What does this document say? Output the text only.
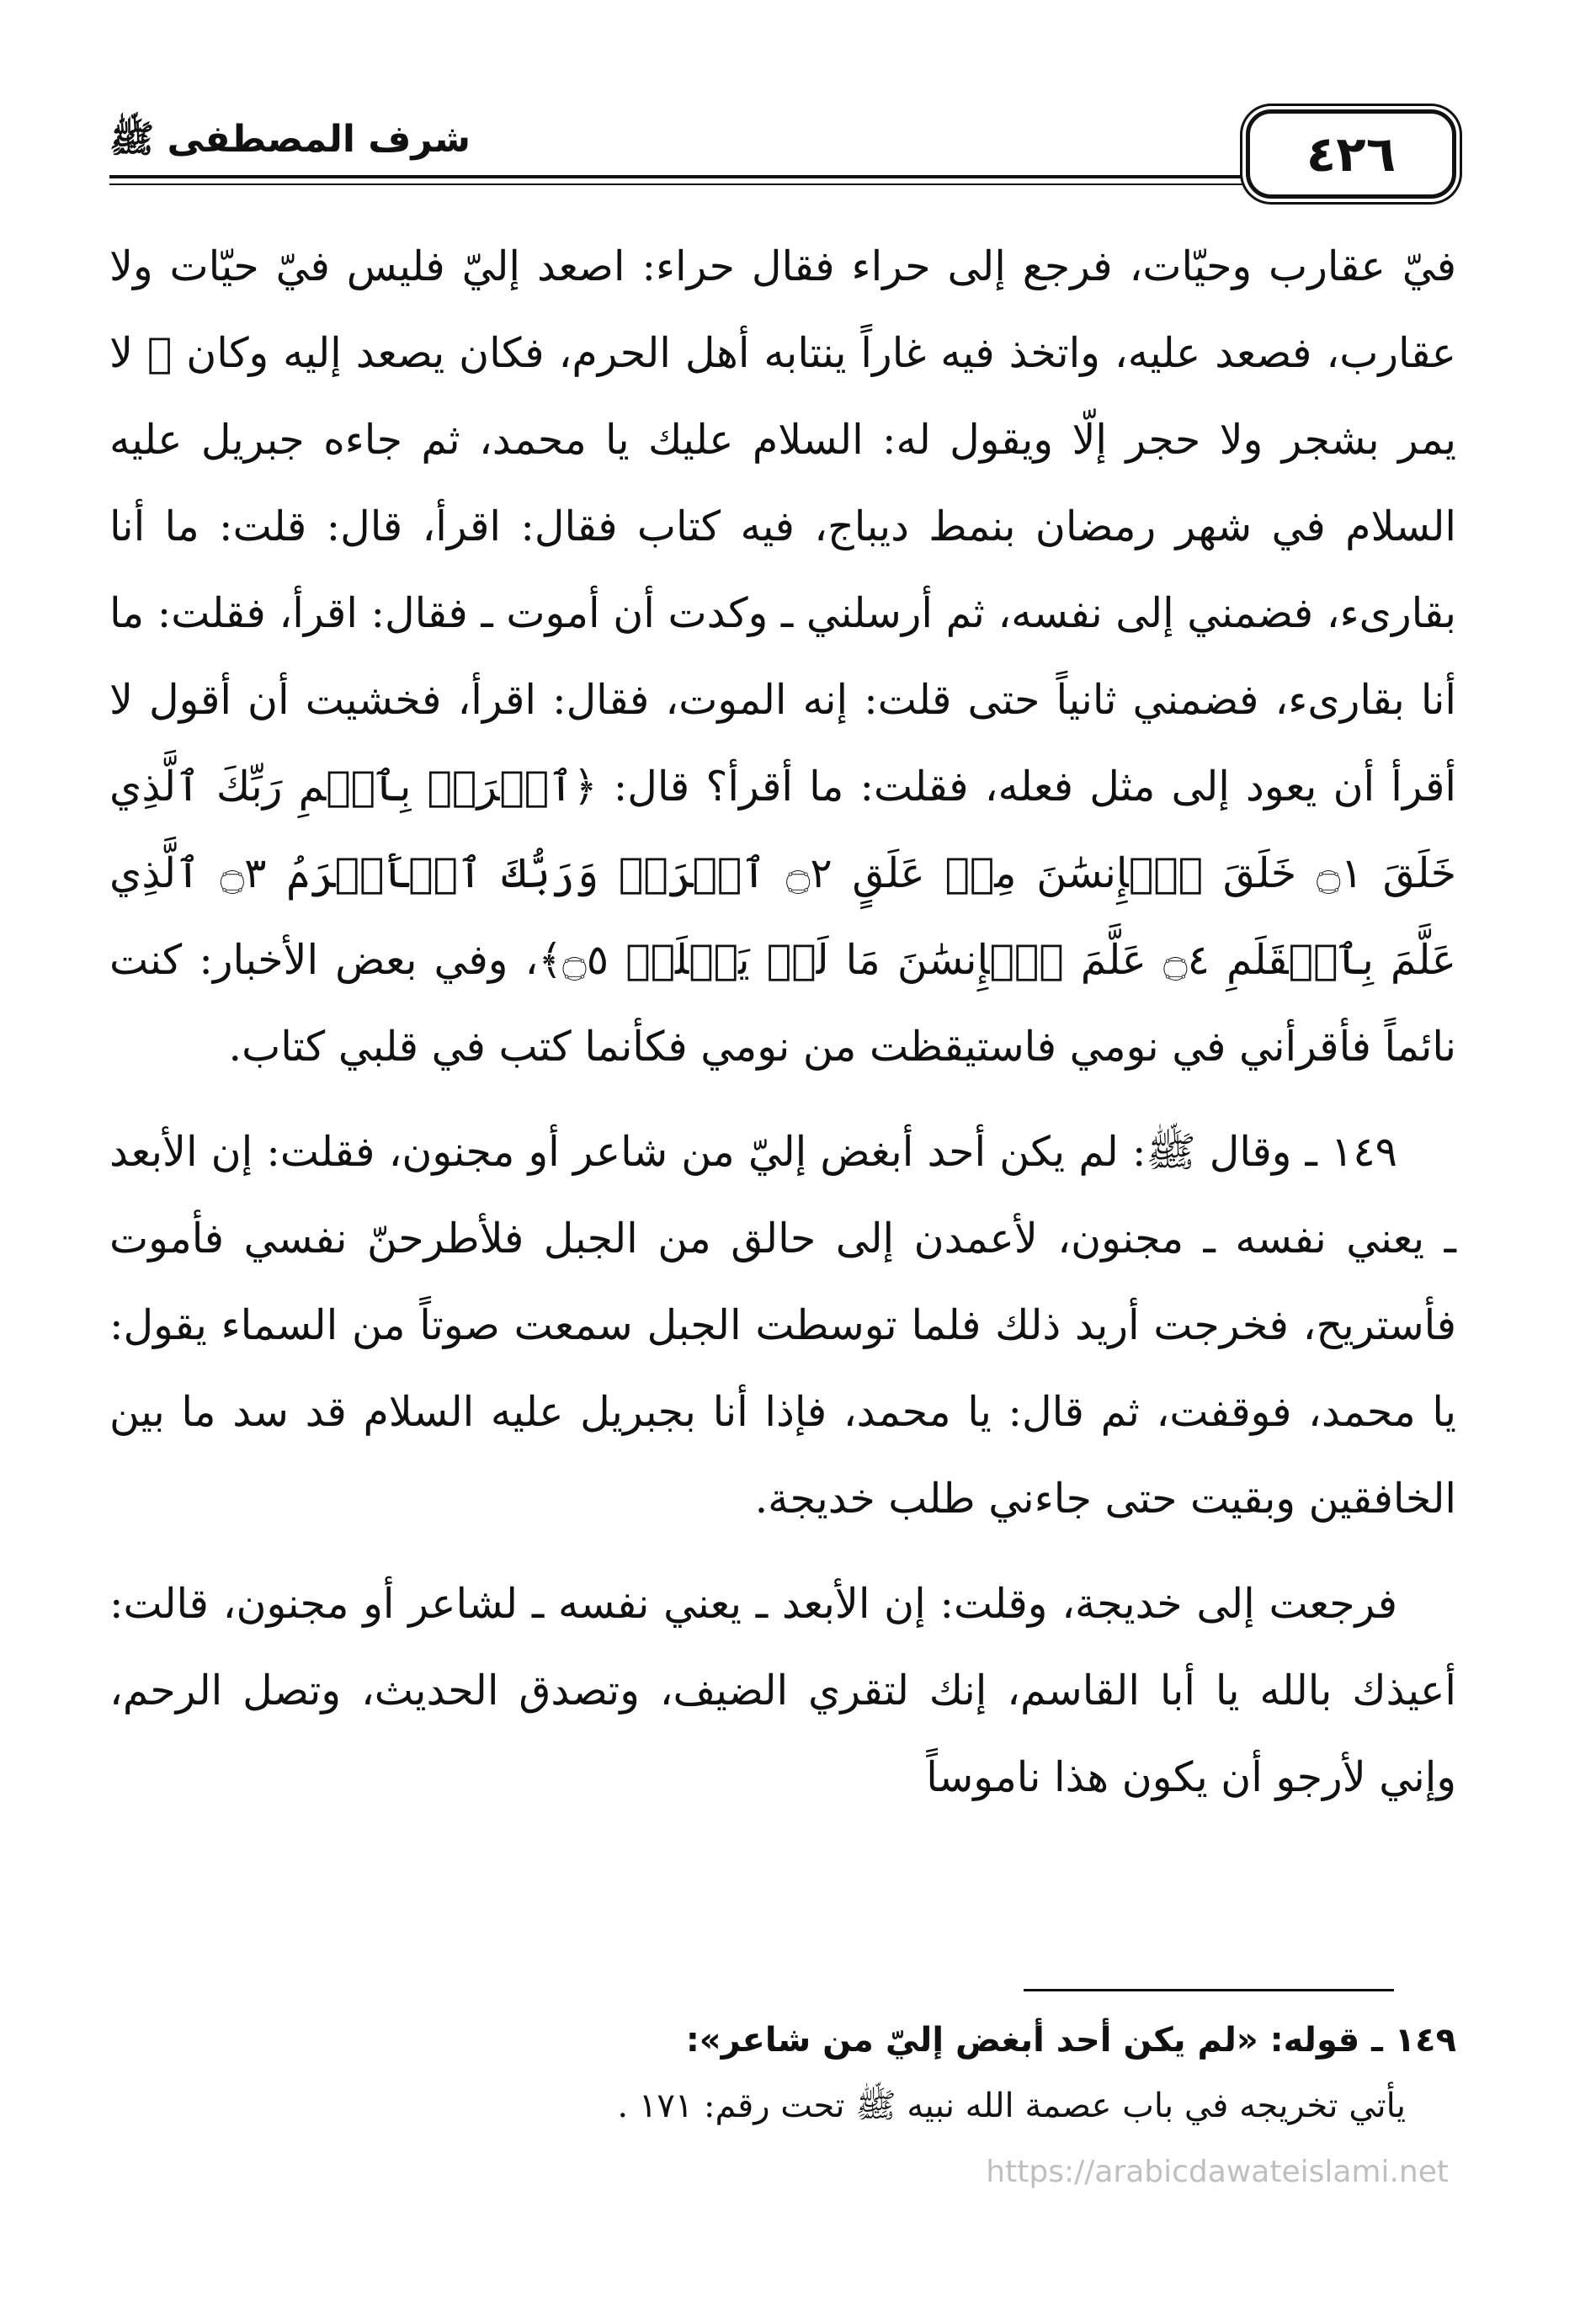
شرف المصطفى ﷺ	٤٢٦

فيّ عقارب وحيّات، فرجع إلى حراء فقال حراء: اصعد إليّ فليس فيّ حيّات ولا عقارب، فصعد عليه، واتخذ فيه غاراً ينتابه أهل الحرم، فكان يصعد إليه وكان ﷺ لا يمر بشجر ولا حجر إلّا ويقول له: السلام عليك يا محمد، ثم جاءه جبريل عليه السلام في شهر رمضان بنمط ديباج، فيه كتاب فقال: اقرأ، قال: قلت: ما أنا بقارىء، فضمني إلى نفسه، ثم أرسلني ـ وكدت أن أموت ـ فقال: اقرأ، فقلت: ما أنا بقارىء، فضمني ثانياً حتى قلت: إنه الموت، فقال: اقرأ، فخشيت أن أقول لا أقرأ أن يعود إلى مثل فعله، فقلت: ما أقرأ؟ قال: ﴿ٱقۡرَأۡ بِٱسۡمِ رَبِّكَ ٱلَّذِي خَلَقَ ۝١ خَلَقَ ٱلۡإِنسَٰنَ مِنۡ عَلَقٍ ۝٢ ٱقۡرَأۡ وَرَبُّكَ ٱلۡأَكۡرَمُ ۝٣ ٱلَّذِي عَلَّمَ بِٱلۡقَلَمِ ۝٤ عَلَّمَ ٱلۡإِنسَٰنَ مَا لَمۡ يَعۡلَمۡ ۝٥﴾، وفي بعض الأخبار: كنت نائماً فأقرأني في نومي فاستيقظت من نومي فكأنما كتب في قلبي كتاب.

١٤٩ ـ وقال ﷺ: لم يكن أحد أبغض إليّ من شاعر أو مجنون، فقلت: إن الأبعد ـ يعني نفسه ـ مجنون، لأعمدن إلى حالق من الجبل فلأطرحنّ نفسي فأموت فأستريح، فخرجت أريد ذلك فلما توسطت الجبل سمعت صوتاً من السماء يقول: يا محمد، فوقفت، ثم قال: يا محمد، فإذا أنا بجبريل عليه السلام قد سد ما بين الخافقين وبقيت حتى جاءني طلب خديجة.

فرجعت إلى خديجة، وقلت: إن الأبعد ـ يعني نفسه ـ لشاعر أو مجنون، قالت: أعيذك بالله يا أبا القاسم، إنك لتقري الضيف، وتصدق الحديث، وتصل الرحم، وإني لأرجو أن يكون هذا ناموساً

١٤٩ ـ قوله: «لم يكن أحد أبغض إليّ من شاعر»:
يأتي تخريجه في باب عصمة الله نبيه ﷺ تحت رقم: ١٧١ .
https://arabicdawateislami.net
